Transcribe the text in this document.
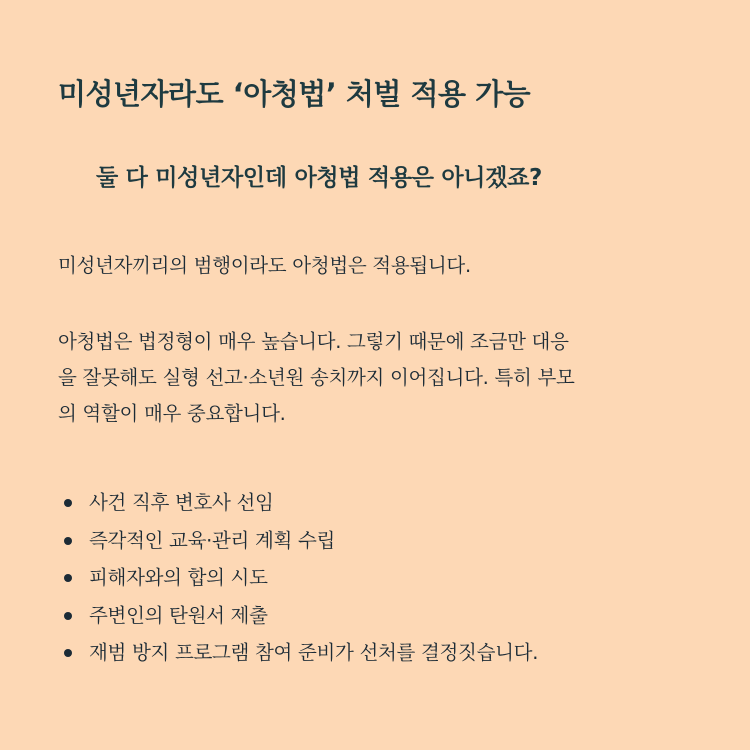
미성년자라도 ‘아청법’ 처벌 적용 가능
둘 다 미성년자인데 아청법 적용은 아니겠죠?
미성년자끼리의 범행이라도 아청법은 적용됩니다.
아청법은 법정형이 매우 높습니다. 그렇기 때문에 조금만 대응
을 잘못해도 실형 선고·소년원 송치까지 이어집니다. 특히 부모
의 역할이 매우 중요합니다.
사건 직후 변호사 선임
즉각적인 교육·관리 계획 수립
피해자와의 합의 시도
주변인의 탄원서 제출
재범 방지 프로그램 참여 준비가 선처를 결정짓습니다.
